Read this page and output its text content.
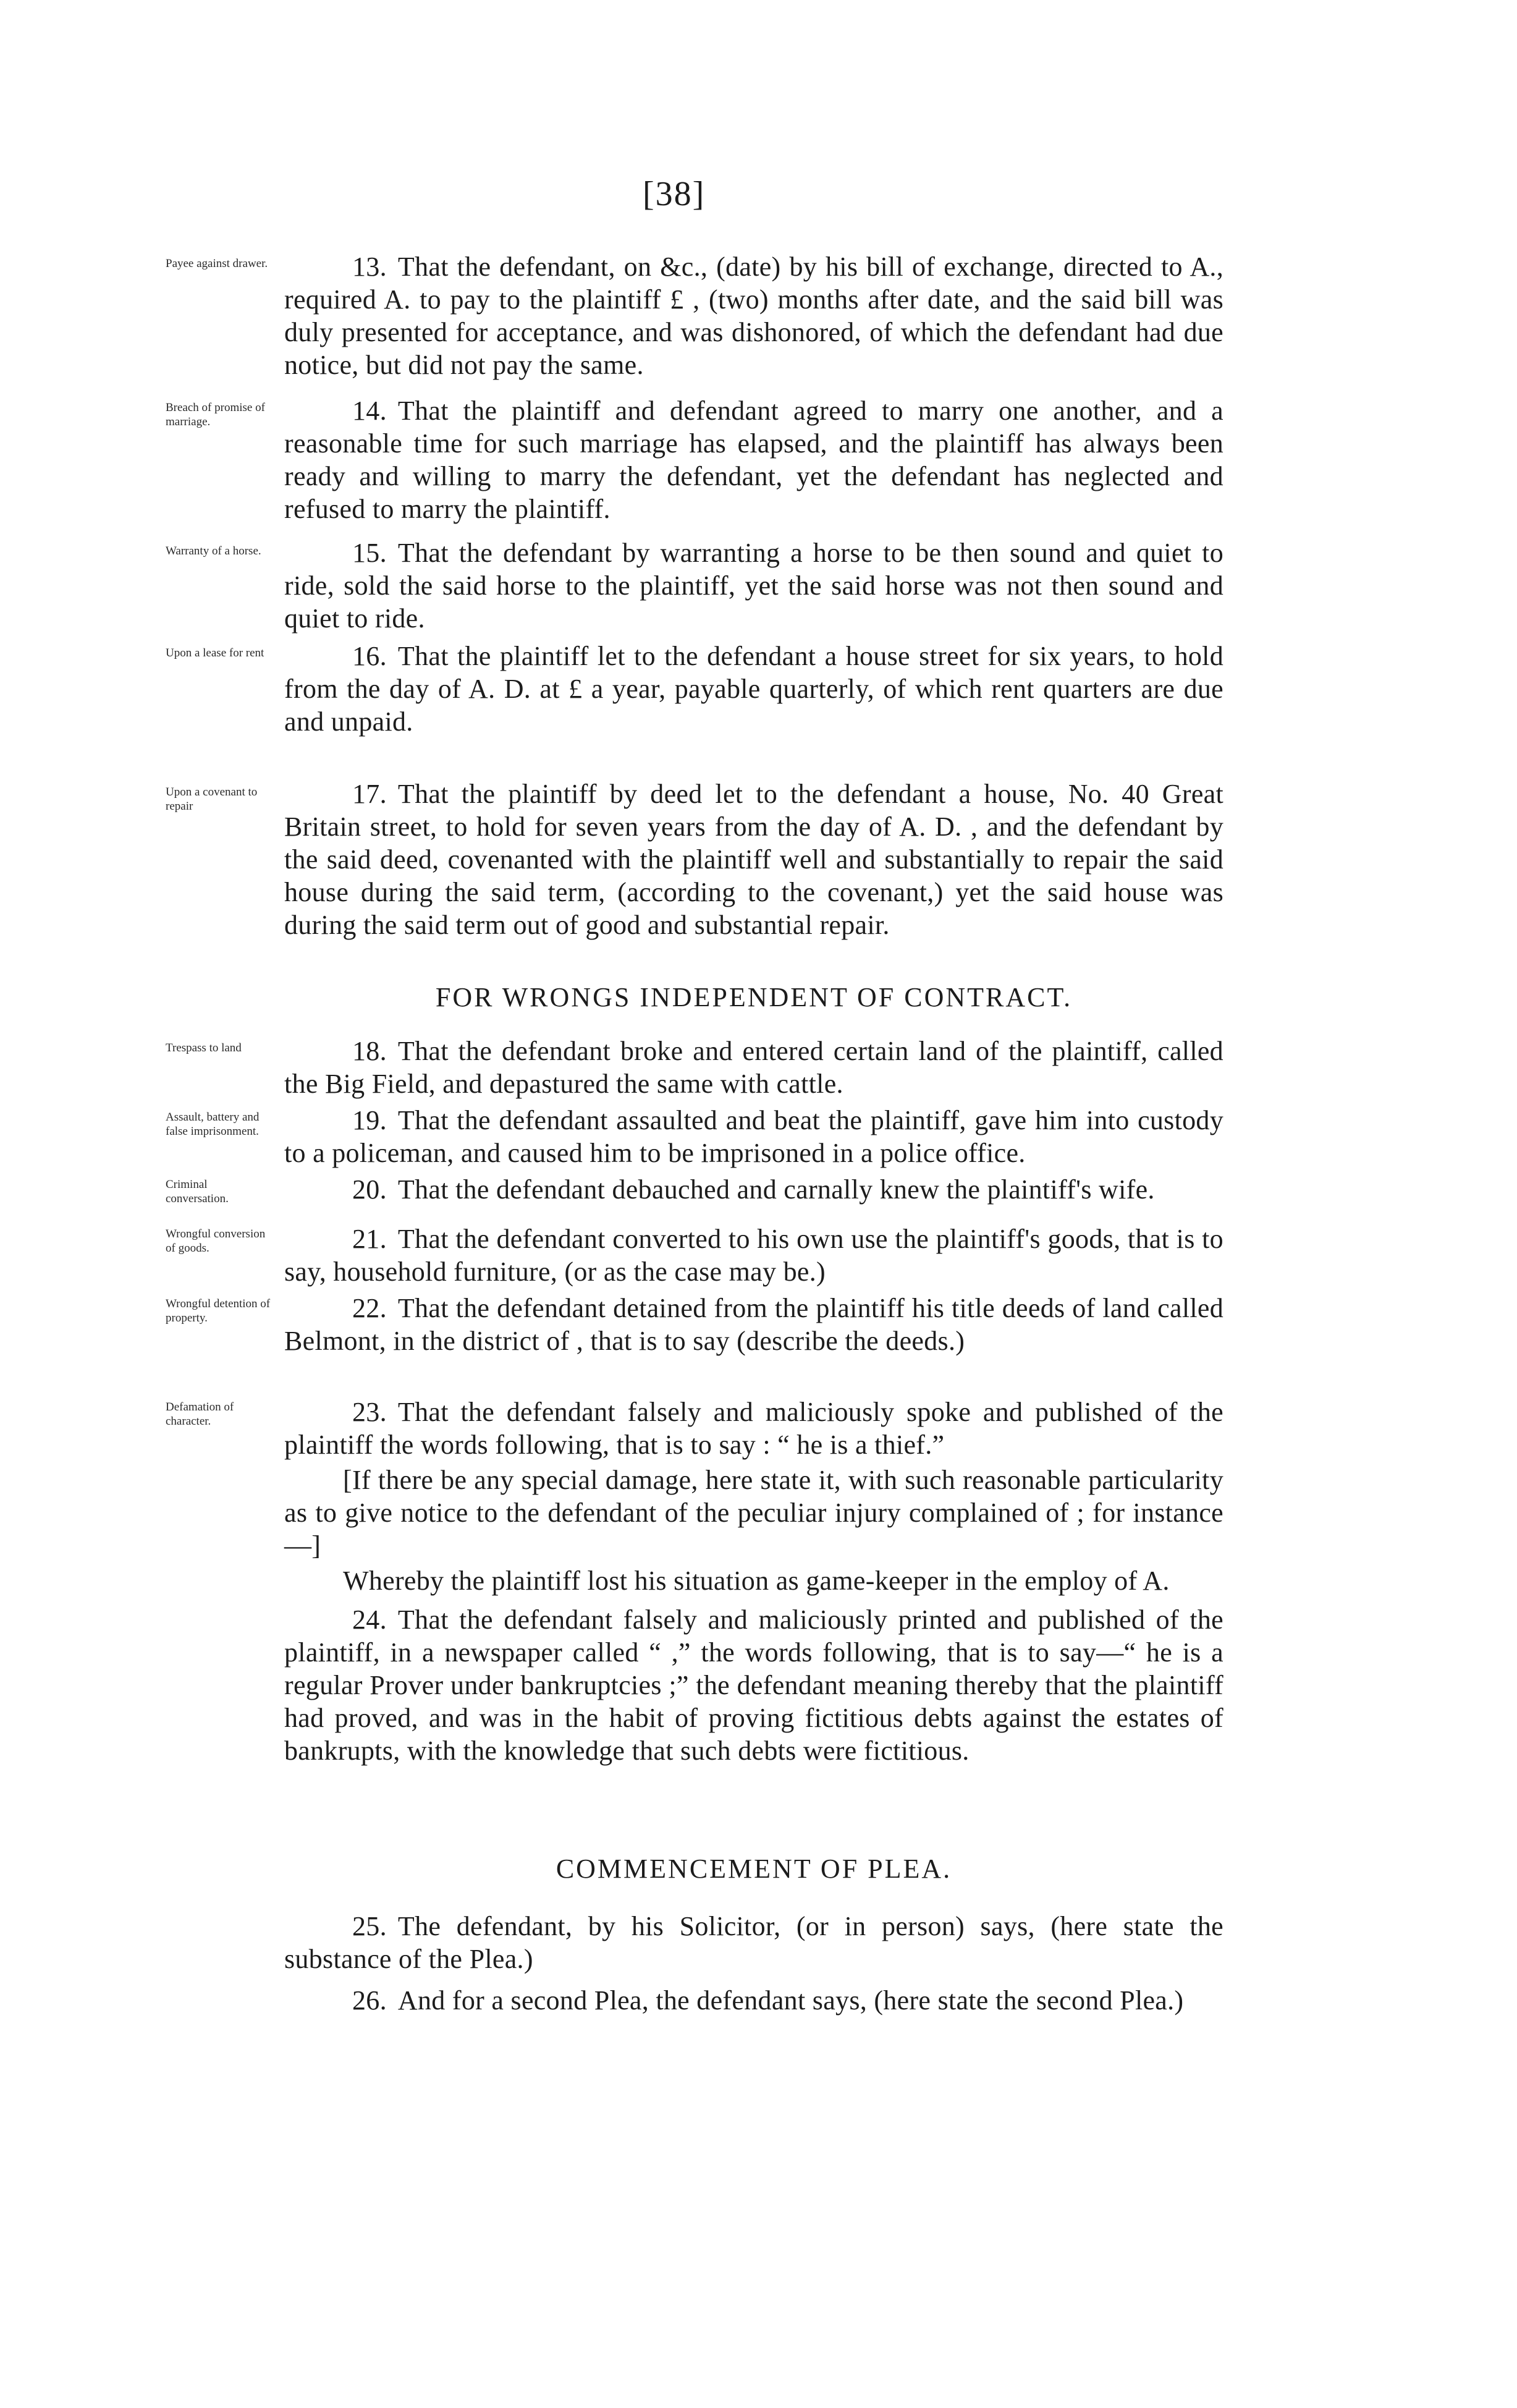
[38]
Payee against drawer.	13. That the defendant, on &c., (date) by his bill of exchange, directed to A., required A. to pay to the plaintiff £ , (two) months after date, and the said bill was duly presented for acceptance, and was dishonored, of which the defendant had due notice, but did not pay the same.

Breach of promise of marriage.	14. That the plaintiff and defendant agreed to marry one another, and a reasonable time for such marriage has elapsed, and the plaintiff has always been ready and willing to marry the defendant, yet the defendant has neglected and refused to marry the plaintiff.

Warranty of a horse.	15. That the defendant by warranting a horse to be then sound and quiet to ride, sold the said horse to the plaintiff, yet the said horse was not then sound and quiet to ride.

Upon a lease for rent	16. That the plaintiff let to the defendant a house street for six years, to hold from the day of A. D. at £ a year, payable quarterly, of which rent quarters are due and unpaid.

Upon a covenant to repair	17. That the plaintiff by deed let to the defendant a house, No. 40 Great Britain street, to hold for seven years from the day of A. D. , and the defendant by the said deed, covenanted with the plaintiff well and substantially to repair the said house during the said term, (according to the covenant,) yet the said house was during the said term out of good and substantial repair.

FOR WRONGS INDEPENDENT OF CONTRACT.
Trespass to land	18. That the defendant broke and entered certain land of the plaintiff, called the Big Field, and depastured the same with cattle.

Assault, battery and false imprisonment.	19. That the defendant assaulted and beat the plaintiff, gave him into custody to a policeman, and caused him to be imprisoned in a police office.

Criminal conversation.	20. That the defendant debauched and carnally knew the plaintiff's wife.

Wrongful conversion of goods.	21. That the defendant converted to his own use the plaintiff's goods, that is to say, household furniture, (or as the case may be.)

Wrongful detention of property.	22. That the defendant detained from the plaintiff his title deeds of land called Belmont, in the district of , that is to say (describe the deeds.)

Defamation of character.	23. That the defendant falsely and maliciously spoke and published of the plaintiff the words following, that is to say : “ he is a thief.”

[If there be any special damage, here state it, with such reasonable particularity as to give notice to the defendant of the peculiar injury complained of ; for instance—]

Whereby the plaintiff lost his situation as game-keeper in the employ of A.

24. That the defendant falsely and maliciously printed and published of the plaintiff, in a newspaper called “ ,” the words following, that is to say—“ he is a regular Prover under bankruptcies ;” the defendant meaning thereby that the plaintiff had proved, and was in the habit of proving fictitious debts against the estates of bankrupts, with the knowledge that such debts were fictitious.

COMMENCEMENT OF PLEA.

25. The defendant, by his Solicitor, (or in person) says, (here state the substance of the Plea.)

26. And for a second Plea, the defendant says, (here state the second Plea.)
